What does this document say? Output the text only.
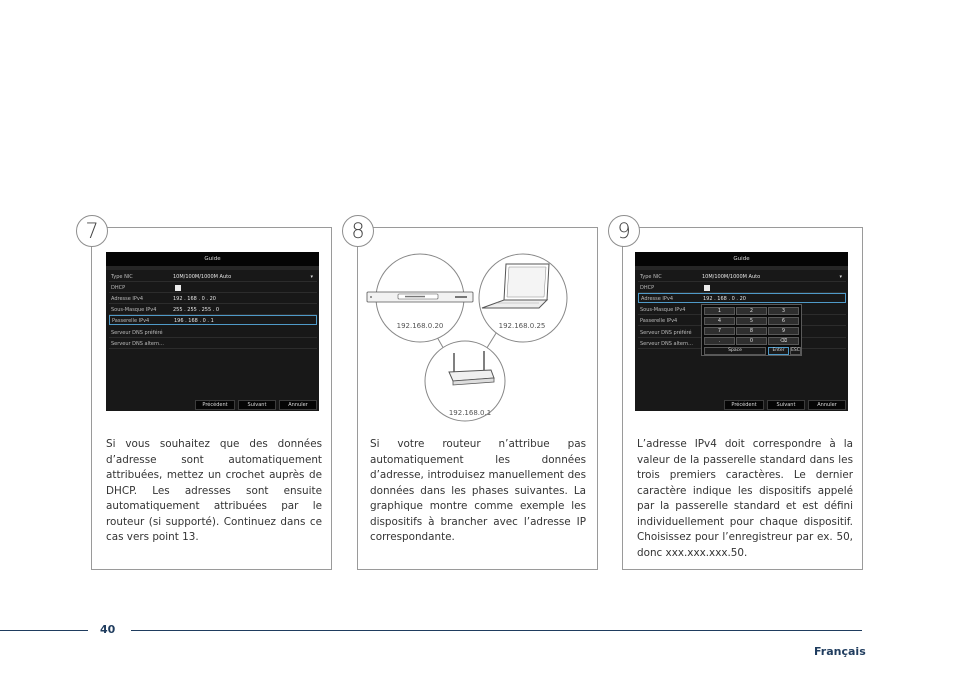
7	8	9
Guide
Type NIC	10M/100M/1000M Auto	▾
DHCP
Adresse IPv4	192 . 168 . 0 . 20
Sous-Masque IPv4	255 . 255 . 255 . 0
Passerelle IPv4	196 . 168 . 0 . 1
Serveur DNS préféré
Serveur DNS altern...
Précédent	Suivant	Annuler
Guide
Type NIC	10M/100M/1000M Auto	▾
DHCP
Adresse IPv4	192 . 168 . 0 . 20
Sous-Masque IPv4
Passerelle IPv4
Serveur DNS préféré
Serveur DNS altern...
1	2	3
4	5	6
7	8	9
.	0	⌫
Space	Enter	ESC
Précédent	Suivant	Annuler
192.168.0.20	192.168.0.25
192.168.0.1

Si vous souhaitez que des données d’adresse sont automatiquement attribuées, mettez un crochet auprès de DHCP. Les adresses sont ensuite automatiquement attribuées par le routeur (si supporté). Continuez dans ce cas vers point 13.

Si votre routeur n’attribue pas automatiquement les données d’adresse, introduisez manuellement des données dans les phases suivantes. La graphique montre comme exemple les dispositifs à brancher avec l’adresse IP correspondante.

L’adresse IPv4 doit correspondre à la valeur de la passerelle standard dans les trois premiers caractères. Le dernier caractère indique les dispositifs appelé par la passerelle standard et est défini individuellement pour chaque dispositif. Choisissez pour l’enregistreur par ex. 50, donc xxx.xxx.xxx.50.

40
Français
